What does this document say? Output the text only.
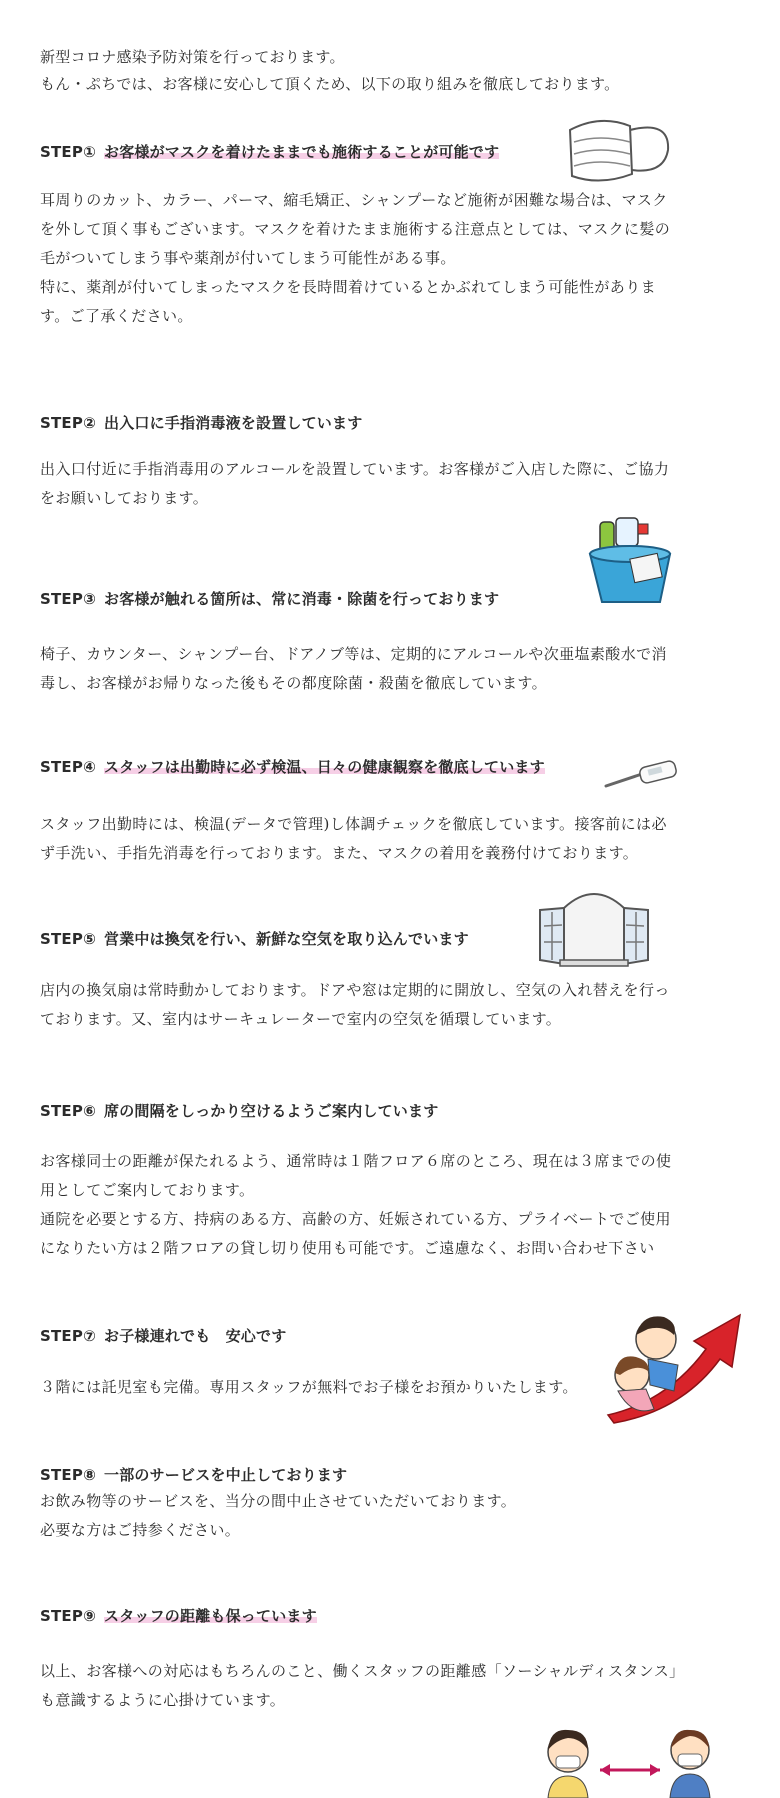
新型コロナ感染予防対策を行っております。
もん・ぷちでは、お客様に安心して頂くため、以下の取り組みを徹底しております。
STEP① お客様がマスクを着けたままでも施術することが可能です
耳周りのカット、カラー、パーマ、縮毛矯正、シャンプーなど施術が困難な場合は、マスク
を外して頂く事もございます。マスクを着けたまま施術する注意点としては、マスクに髪の
毛がついてしまう事や薬剤が付いてしまう可能性がある事。
特に、薬剤が付いてしまったマスクを長時間着けているとかぶれてしまう可能性がありま
す。ご了承ください。
STEP② 出入口に手指消毒液を設置しています
出入口付近に手指消毒用のアルコールを設置しています。お客様がご入店した際に、ご協力
をお願いしております。
STEP③ お客様が触れる箇所は、常に消毒・除菌を行っております
椅子、カウンター、シャンプー台、ドアノブ等は、定期的にアルコールや次亜塩素酸水で消
毒し、お客様がお帰りなった後もその都度除菌・殺菌を徹底しています。
STEP④ スタッフは出勤時に必ず検温、日々の健康観察を徹底しています
スタッフ出勤時には、検温(データで管理)し体調チェックを徹底しています。接客前には必
ず手洗い、手指先消毒を行っております。また、マスクの着用を義務付けております。
STEP⑤ 営業中は換気を行い、新鮮な空気を取り込んでいます
店内の換気扇は常時動かしております。ドアや窓は定期的に開放し、空気の入れ替えを行っ
ております。又、室内はサーキュレーターで室内の空気を循環しています。
STEP⑥ 席の間隔をしっかり空けるようご案内しています
お客様同士の距離が保たれるよう、通常時は１階フロア６席のところ、現在は３席までの使
用としてご案内しております。
通院を必要とする方、持病のある方、高齢の方、妊娠されている方、プライベートでご使用
になりたい方は２階フロアの貸し切り使用も可能です。ご遠慮なく、お問い合わせ下さい
STEP⑦ お子様連れでも　安心です
３階には託児室も完備。専用スタッフが無料でお子様をお預かりいたします。
STEP⑧ 一部のサービスを中止しております
お飲み物等のサービスを、当分の間中止させていただいております。
必要な方はご持参ください。
STEP⑨ スタッフの距離も保っています
以上、お客様への対応はもちろんのこと、働くスタッフの距離感「ソーシャルディスタンス」
も意識するように心掛けています。
